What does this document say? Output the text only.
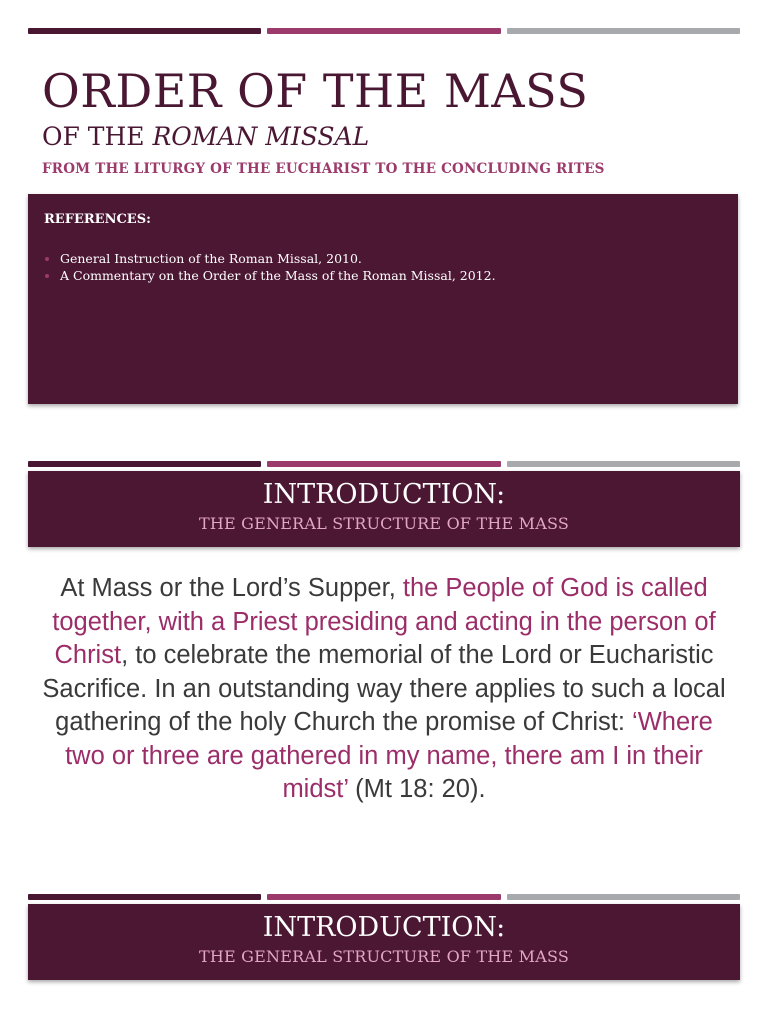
ORDER OF THE MASS
OF THE ROMAN MISSAL
FROM THE LITURGY OF THE EUCHARIST TO THE CONCLUDING RITES
REFERENCES:
General Instruction of the Roman Missal, 2010.
A Commentary on the Order of the Mass of the Roman Missal, 2012.
INTRODUCTION:
THE GENERAL STRUCTURE OF THE MASS
At Mass or the Lord’s Supper, the People of God is called together, with a Priest presiding and acting in the person of Christ, to celebrate the memorial of the Lord or Eucharistic Sacrifice. In an outstanding way there applies to such a local gathering of the holy Church the promise of Christ: ‘Where two or three are gathered in my name, there am I in their midst’ (Mt 18: 20).
INTRODUCTION:
THE GENERAL STRUCTURE OF THE MASS
